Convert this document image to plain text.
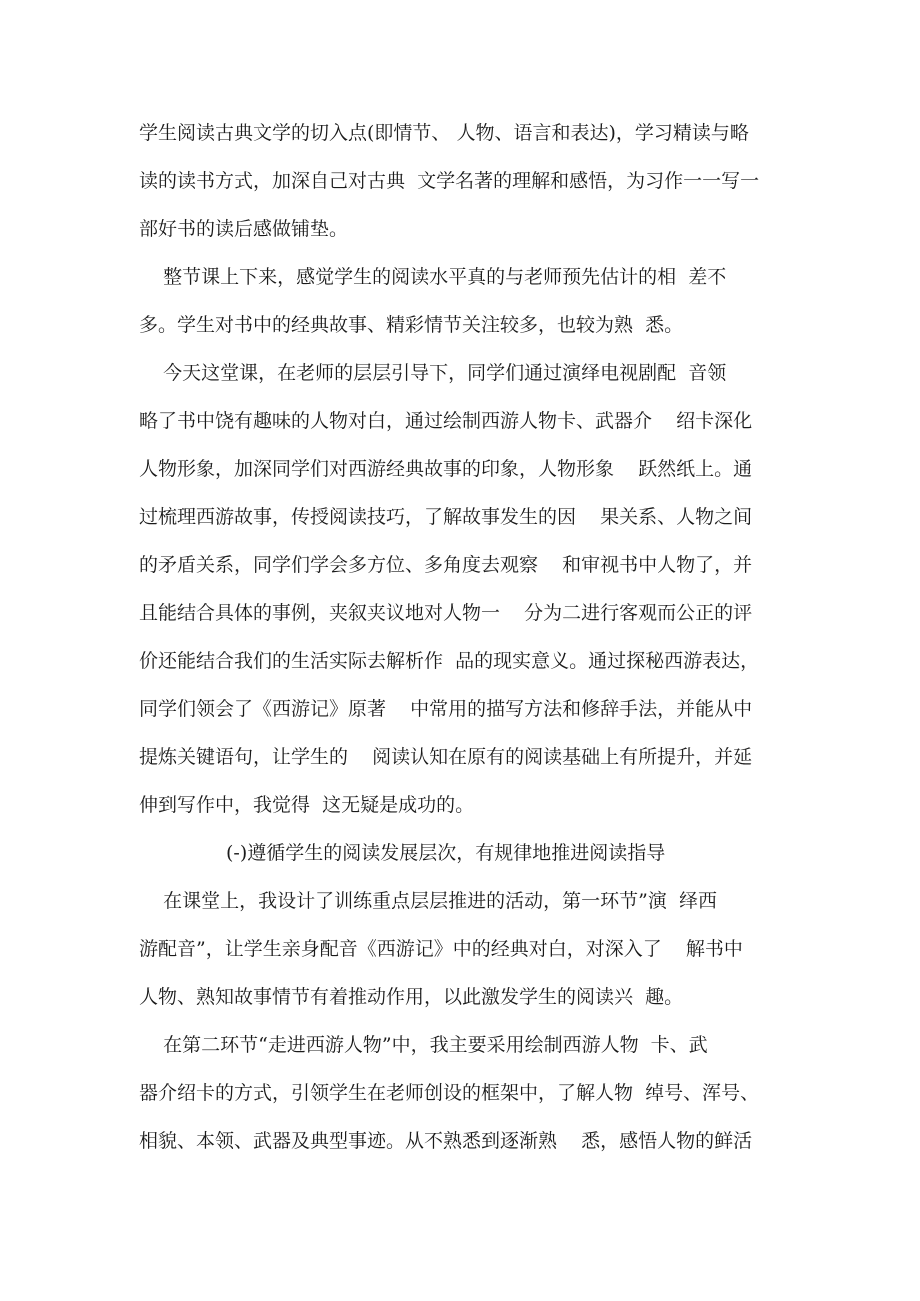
学生阅读古典文学的切入点(即情节、 人物、语言和表达)，学习精读与略
读的读书方式，加深自己对古典  文学名著的理解和感悟，为习作一一写一
部好书的读后感做铺垫。
整节课上下来，感觉学生的阅读水平真的与老师预先估计的相  差不
多。学生对书中的经典故事、精彩情节关注较多，也较为熟  悉。
今天这堂课，在老师的层层引导下，同学们通过演绎电视剧配  音领
略了书中饶有趣味的人物对白，通过绘制西游人物卡、武器介    绍卡深化
人物形象，加深同学们对西游经典故事的印象，人物形象    跃然纸上。通
过梳理西游故事，传授阅读技巧，了解故事发生的因    果关系、人物之间
的矛盾关系，同学们学会多方位、多角度去观察    和审视书中人物了，并
且能结合具体的事例，夹叙夹议地对人物一    分为二进行客观而公正的评
价还能结合我们的生活实际去解析作  品的现实意义。通过探秘西游表达，
同学们领会了《西游记》原著    中常用的描写方法和修辞手法，并能从中
提炼关键语句，让学生的    阅读认知在原有的阅读基础上有所提升，并延
伸到写作中，我觉得  这无疑是成功的。
(-)遵循学生的阅读发展层次，有规律地推进阅读指导
在课堂上，我设计了训练重点层层推进的活动，第一环节”演  绎西
游配音”，让学生亲身配音《西游记》中的经典对白，对深入了    解书中
人物、熟知故事情节有着推动作用，以此激发学生的阅读兴  趣。
在第二环节“走进西游人物”中，我主要采用绘制西游人物  卡、武
器介绍卡的方式，引领学生在老师创设的框架中，了解人物  绰号、浑号、
相貌、本领、武器及典型事迹。从不熟悉到逐渐熟    悉，感悟人物的鲜活
